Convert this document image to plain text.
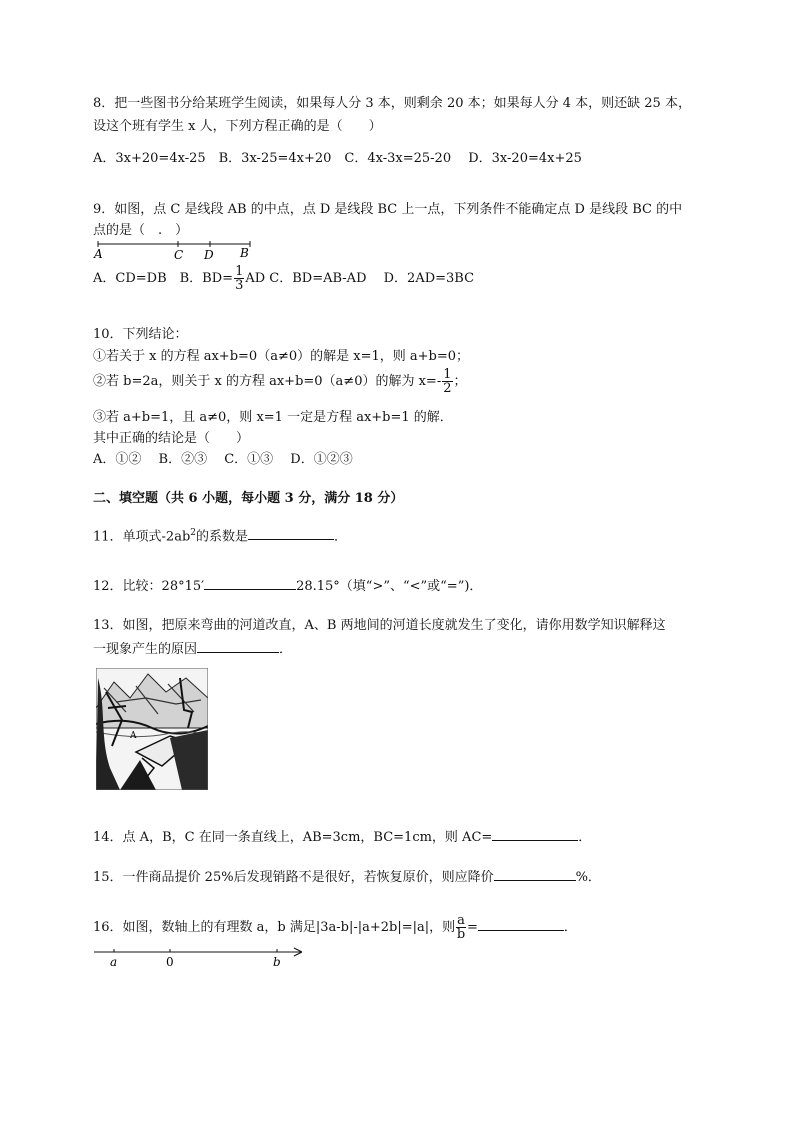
8．把一些图书分给某班学生阅读，如果每人分 3 本，则剩余 20 本；如果每人分 4 本，则还缺 25 本，
设这个班有学生 x 人，下列方程正确的是（　　）
A．3x+20=4x-25　B．3x-25=4x+20　C．4x-3x=25-20　 D．3x-20=4x+25
9．如图，点 C 是线段 AB 的中点，点 D 是线段 BC 上一点，下列条件不能确定点 D 是线段 BC 的中
点的是（　.　）
A	C D B
A．CD=DB　B．$BD= \frac{1}{3}$ AD C．BD=AB-AD　 D．2AD=3BC
10．下列结论：
①若关于 x 的方程 ax+b=0（a≠0）的解是 x=1，则 a+b=0；
②若 b=2a，则关于 x 的方程 ax+b=0（a≠0）的解为 $x=- \frac{1}{2}$ ；
③若 a+b=1，且 a≠0，则 x=1 一定是方程 ax+b=1 的解．
其中正确的结论是（　　）
A．①②　 B．②③　 C．①③　 D．①②③
二、填空题（共 6 小题，每小题 3 分，满分 18 分）
11．单项式$-2ab^2$的系数是	．
12．比较：28°15′	28.15°（填“>”、“<”或“=”)．
13．如图，把原来弯曲的河道改直，A、B 两地间的河道长度就发生了变化，请你用数学知识解释这
一现象产生的原因	．
A
14．点 A，B，C 在同一条直线上，AB=3cm，BC=1cm，则 AC=	．
15．一件商品提价 25%后发现销路不是很好，若恢复原价，则应降价	%．
16．如图，数轴上的有理数 a，b 满足|3a-b|-|a+2b|=|a|，则 $\frac{a}{b}$ =	．
a	0	b
